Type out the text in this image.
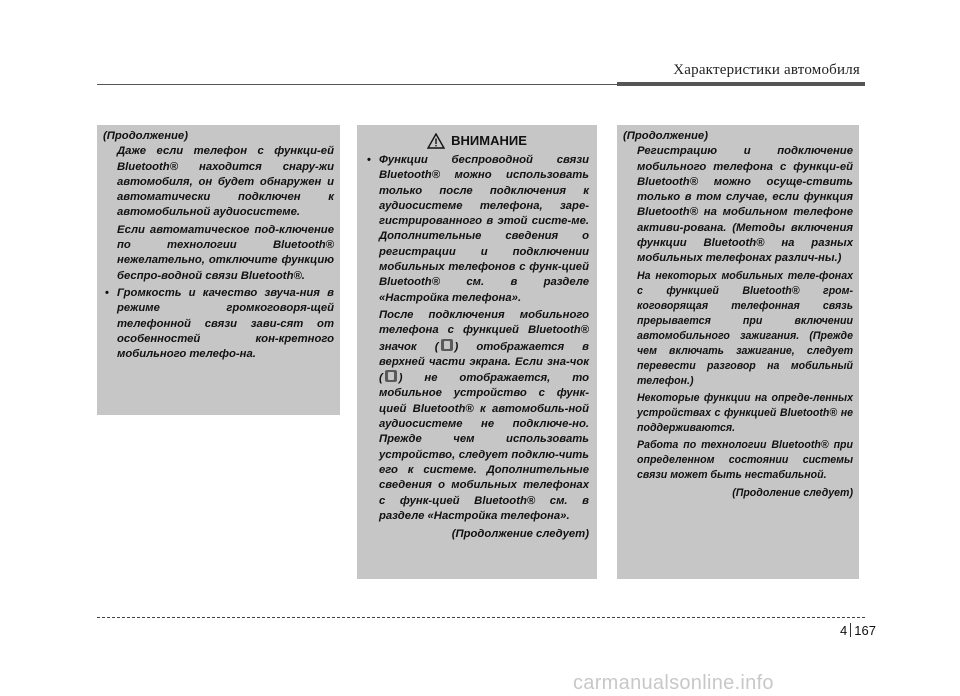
Характеристики автомобиля
(Продолжение)

Даже если телефон с функци-ей Bluetooth® находится снару-жи автомобиля, он будет обнаружен и автоматически подключен к автомобильной аудиосистеме.

Если автоматическое под-ключение по технологии Bluetooth® нежелательно, отключите функцию беспро-водной связи Bluetooth®.

• Громкость и качество звуча-ния в режиме громкоговоря-щей телефонной связи зави-сят от особенностей кон-кретного мобильного телефо-на.

ВНИМАНИЕ

• Функции беспроводной связи Bluetooth® можно использовать только после подключения к аудиосистеме телефона, заре-гистрированного в этой систе-ме. Дополнительные сведения о регистрации и подключении мобильных телефонов с функ-цией Bluetooth® см. в разделе «Настройка телефона».

После подключения мобильного телефона с функцией Bluetooth® значок ( ) отображается в верхней части экрана. Если зна-чок ( ) не отображается, то мобильное устройство с функ-цией Bluetooth® к автомобиль-ной аудиосистеме не подключе-но. Прежде чем использовать устройство, следует подклю-чить его к системе. Дополнительные сведения о мобильных телефонах с функ-цией Bluetooth® см. в разделе «Настройка телефона».

(Продолжение следует)

(Продолжение)

Регистрацию и подключение мобильного телефона с функци-ей Bluetooth® можно осуще-ствить только в том случае, если функция Bluetooth® на мобильном телефоне активи-рована. (Методы включения функции Bluetooth® на разных мобильных телефонах различ-ны.)

На некоторых мобильных теле-фонах с функцией Bluetooth® гром-коговорящая телефонная связь прерывается при включении автомобильного зажигания. (Прежде чем включать зажигание, следует перевести разговор на мобильный телефон.)

Некоторые функции на опреде-ленных устройствах с функцией Bluetooth® не поддерживаются.

Работа по технологии Bluetooth® при определенном состоянии системы связи может быть нестабильной.

(Продоление следует)

4 167
carmanualsonline.info
